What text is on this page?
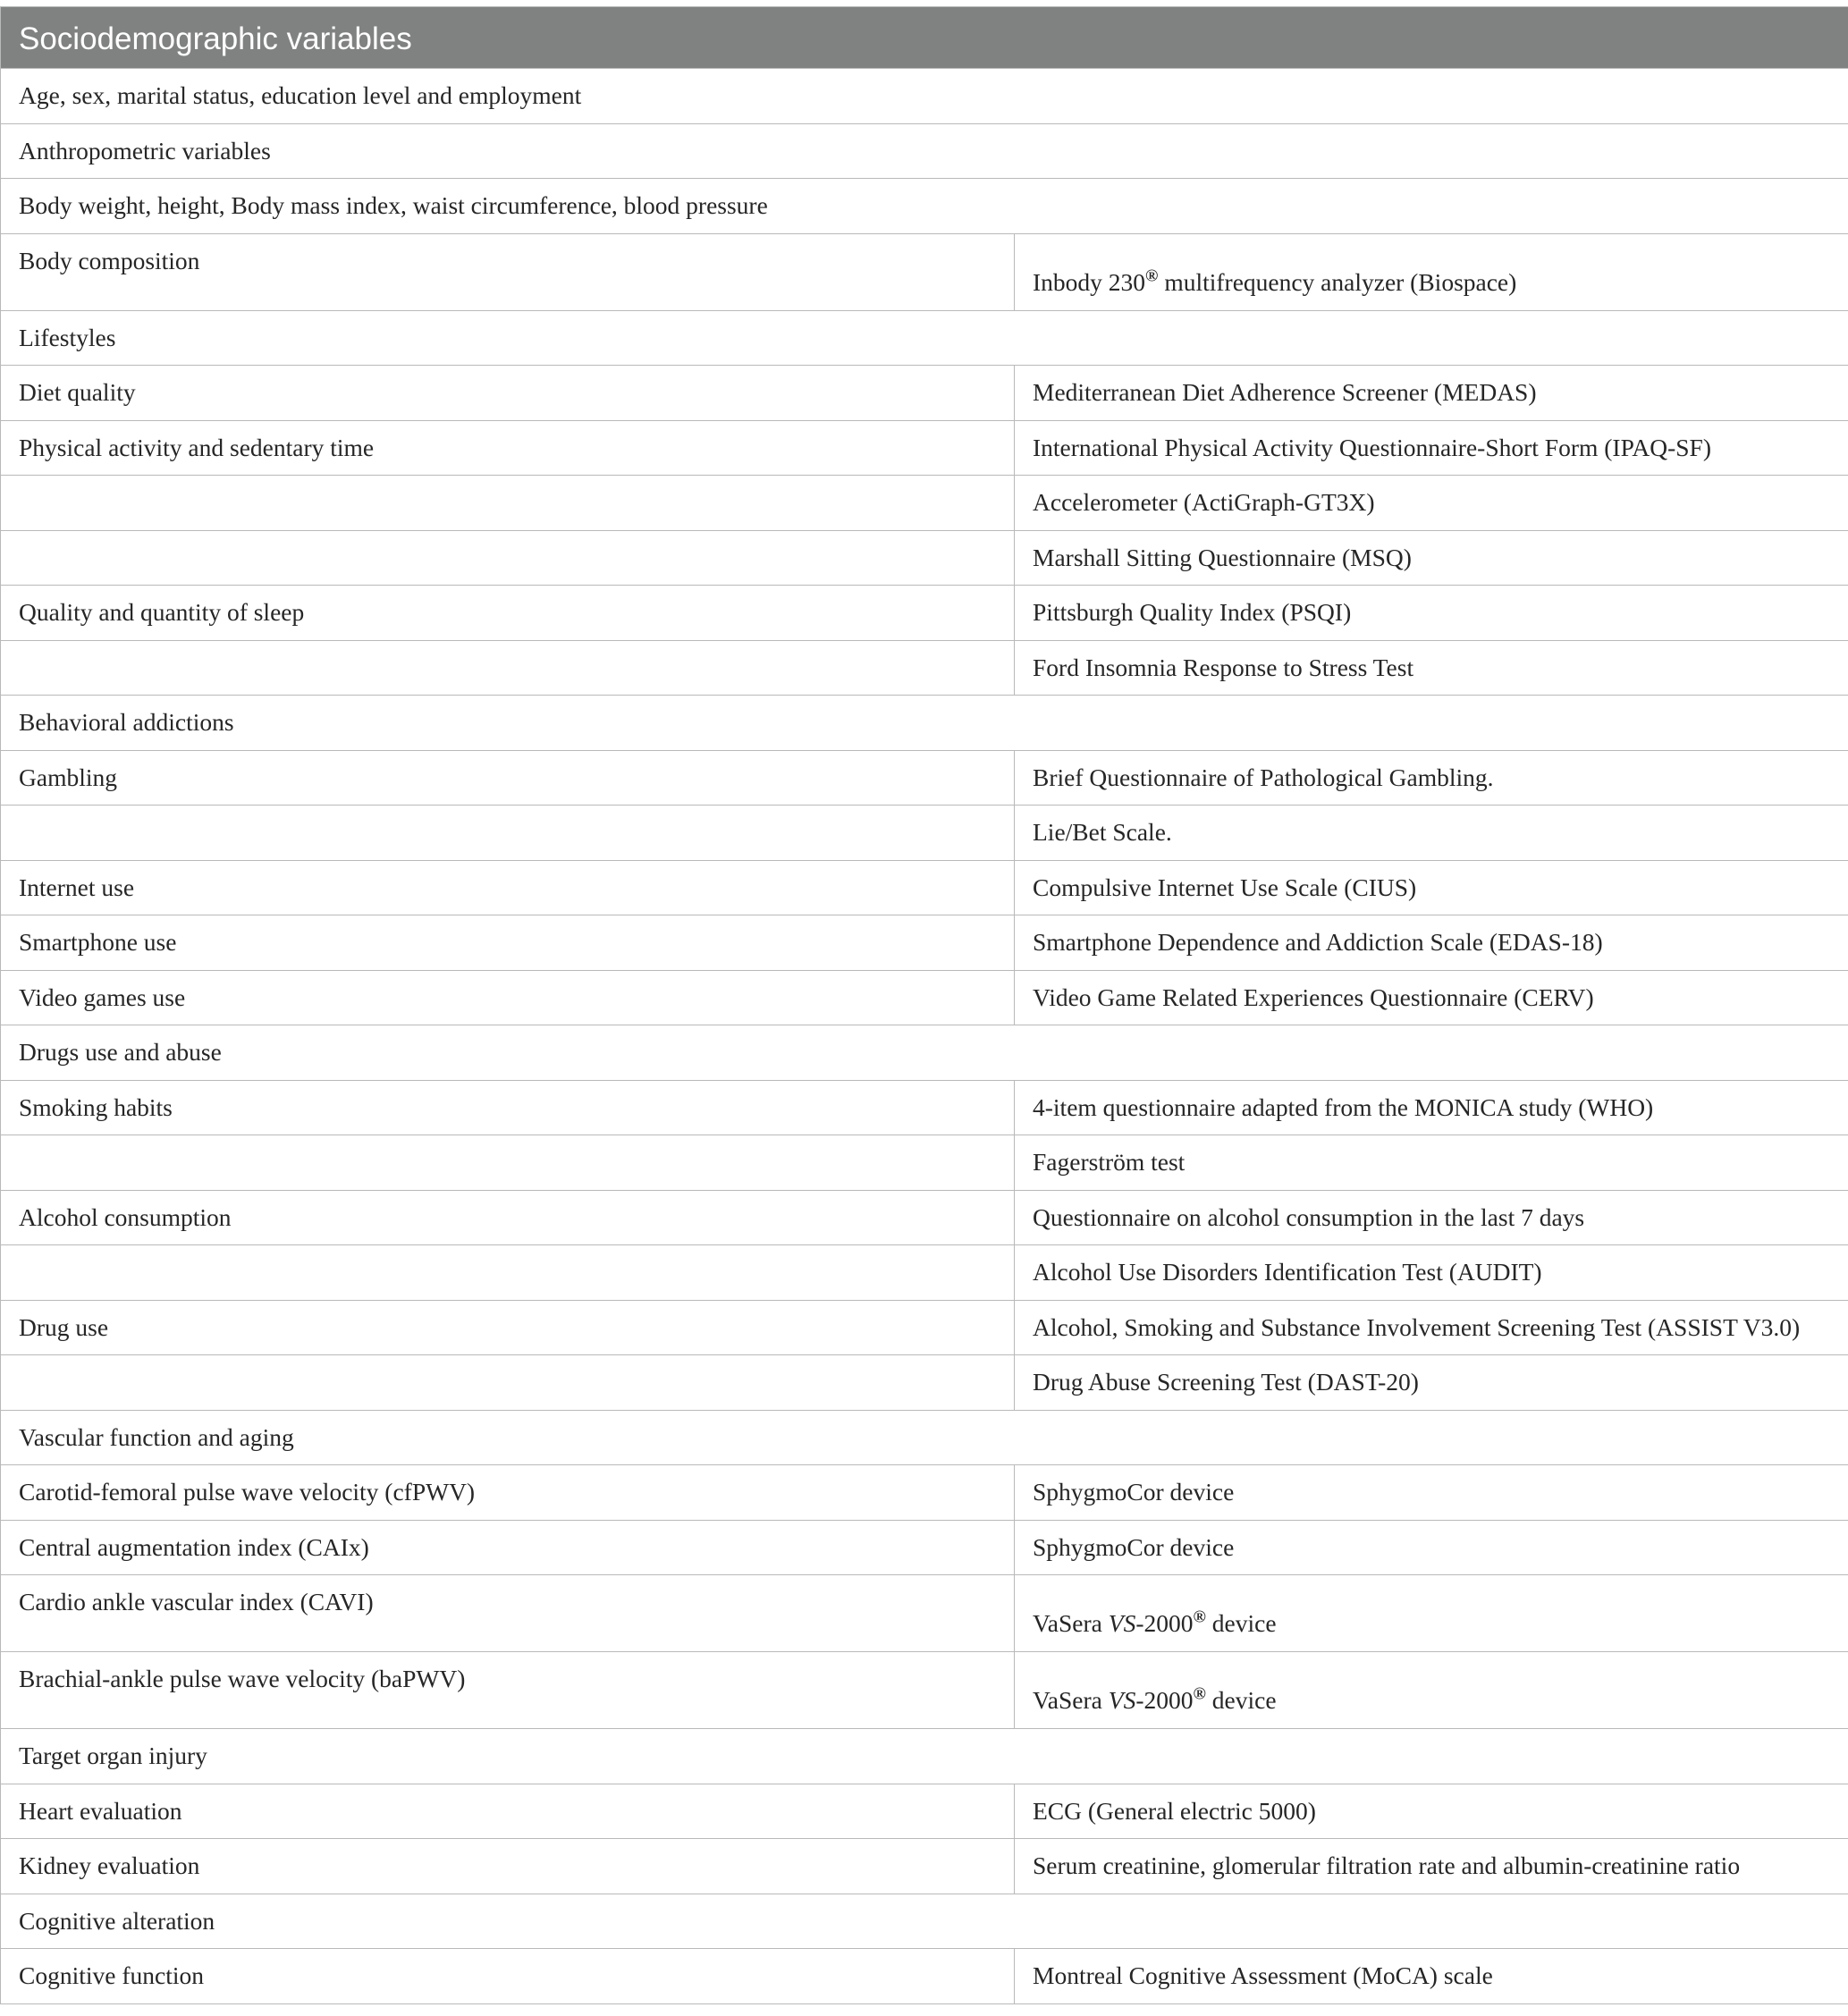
Sociodemographic variables	
Age, sex, marital status, education level and employment	
Anthropometric variables	
Body weight, height, Body mass index, waist circumference, blood pressure	
Body composition	Inbody 230® multifrequency analyzer (Biospace)
Lifestyles	
Diet quality	Mediterranean Diet Adherence Screener (MEDAS)
Physical activity and sedentary time	International Physical Activity Questionnaire-Short Form (IPAQ-SF)
	Accelerometer (ActiGraph-GT3X)
	Marshall Sitting Questionnaire (MSQ)
Quality and quantity of sleep	Pittsburgh Quality Index (PSQI)
	Ford Insomnia Response to Stress Test
Behavioral addictions	
Gambling	Brief Questionnaire of Pathological Gambling.
	Lie/Bet Scale.
Internet use	Compulsive Internet Use Scale (CIUS)
Smartphone use	Smartphone Dependence and Addiction Scale (EDAS-18)
Video games use	Video Game Related Experiences Questionnaire (CERV)
Drugs use and abuse	
Smoking habits	4-item questionnaire adapted from the MONICA study (WHO)
	Fagerström test
Alcohol consumption	Questionnaire on alcohol consumption in the last 7 days
	Alcohol Use Disorders Identification Test (AUDIT)
Drug use	Alcohol, Smoking and Substance Involvement Screening Test (ASSIST V3.0)
	Drug Abuse Screening Test (DAST-20)
Vascular function and aging	
Carotid-femoral pulse wave velocity (cfPWV)	SphygmoCor device
Central augmentation index (CAIx)	SphygmoCor device
Cardio ankle vascular index (CAVI)	VaSera VS-2000® device
Brachial-ankle pulse wave velocity (baPWV)	VaSera VS-2000® device
Target organ injury	
Heart evaluation	ECG (General electric 5000)
Kidney evaluation	Serum creatinine, glomerular filtration rate and albumin-creatinine ratio
Cognitive alteration	
Cognitive function	Montreal Cognitive Assessment (MoCA) scale
